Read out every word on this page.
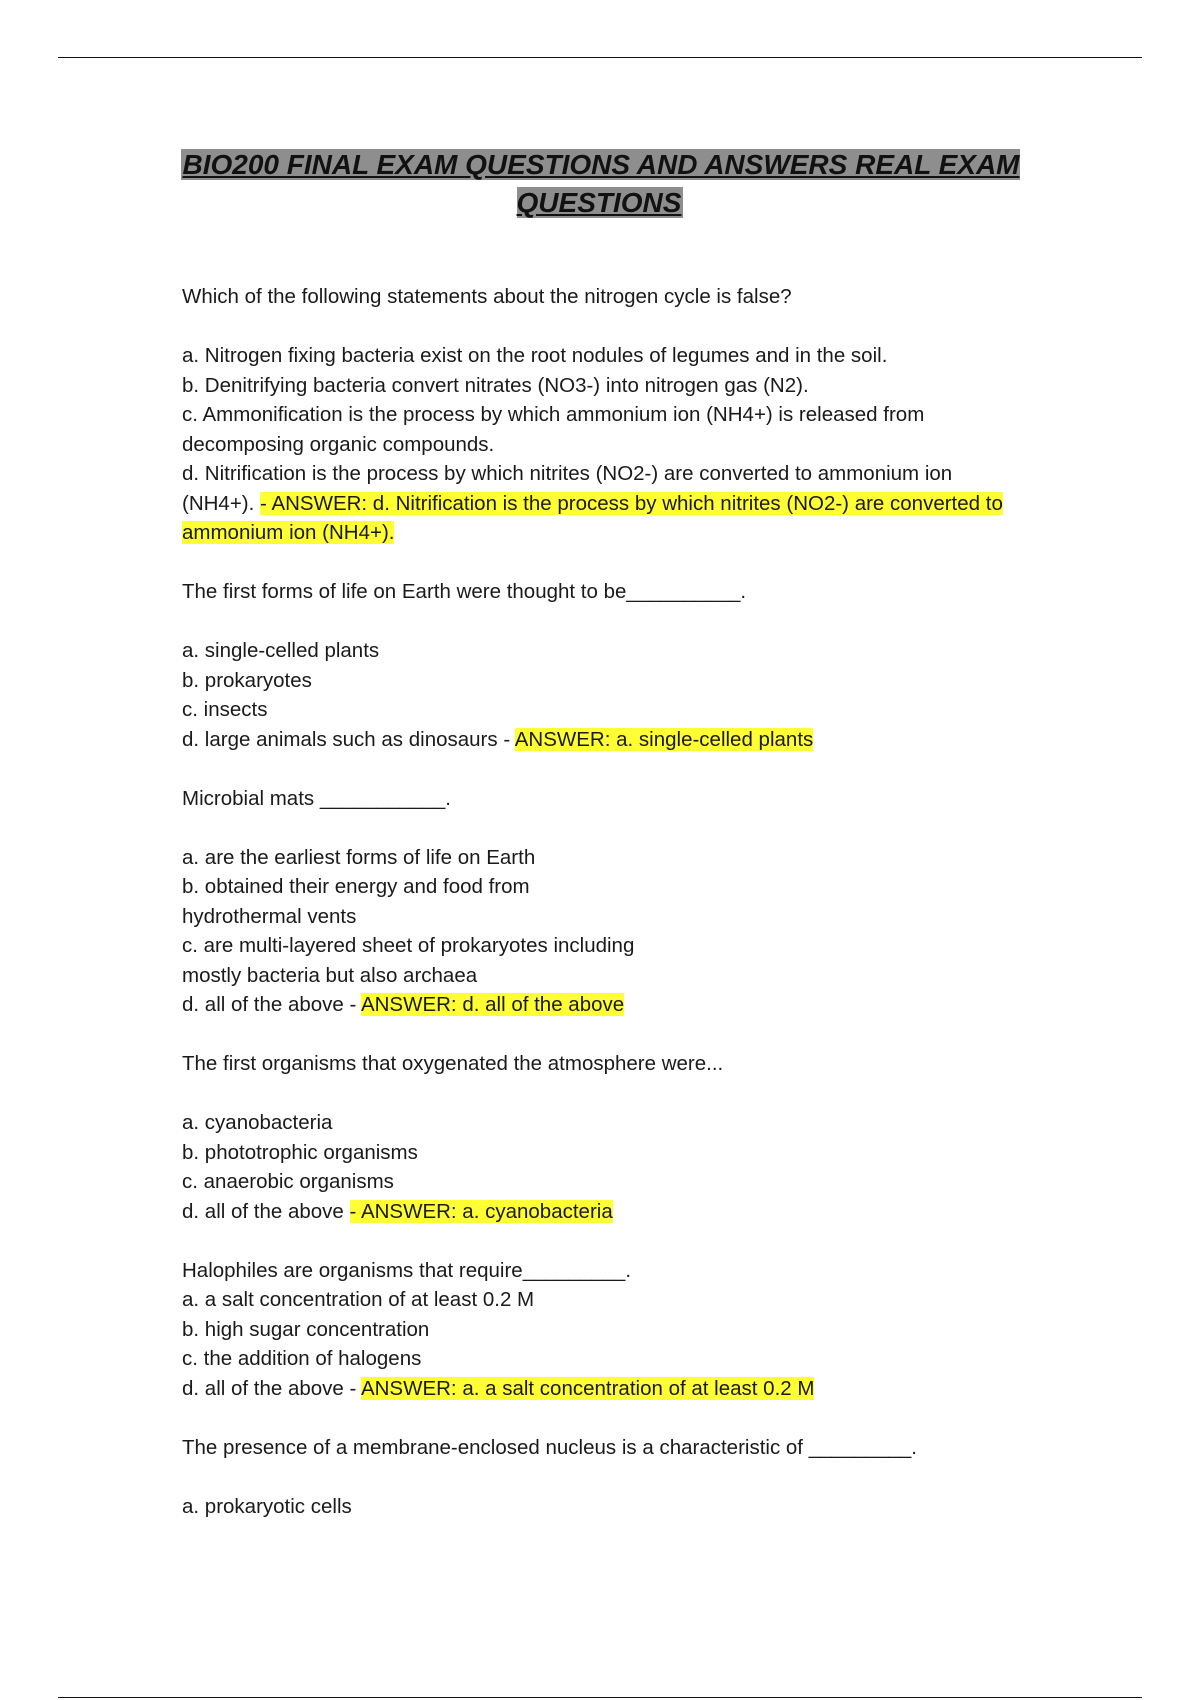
BIO200 FINAL EXAM QUESTIONS AND ANSWERS REAL EXAM QUESTIONS

Which of the following statements about the nitrogen cycle is false?

a. Nitrogen fixing bacteria exist on the root nodules of legumes and in the soil.

b. Denitrifying bacteria convert nitrates (NO3-) into nitrogen gas (N2).

c. Ammonification is the process by which ammonium ion (NH4+) is released from decomposing organic compounds.

d. Nitrification is the process by which nitrites (NO2-) are converted to ammonium ion (NH4+). - ANSWER: d. Nitrification is the process by which nitrites (NO2-) are converted to ammonium ion (NH4+).

The first forms of life on Earth were thought to be__________.

a. single-celled plants

b. prokaryotes

c. insects

d. large animals such as dinosaurs - ANSWER: a. single-celled plants

Microbial mats ___________.

a. are the earliest forms of life on Earth

b. obtained their energy and food from

hydrothermal vents

c. are multi-layered sheet of prokaryotes including

mostly bacteria but also archaea

d. all of the above - ANSWER: d. all of the above

The first organisms that oxygenated the atmosphere were...

a. cyanobacteria

b. phototrophic organisms

c. anaerobic organisms

d. all of the above - ANSWER: a. cyanobacteria

Halophiles are organisms that require_________.

a. a salt concentration of at least 0.2 M

b. high sugar concentration

c. the addition of halogens

d. all of the above - ANSWER: a. a salt concentration of at least 0.2 M

The presence of a membrane-enclosed nucleus is a characteristic of _________.

a. prokaryotic cells
